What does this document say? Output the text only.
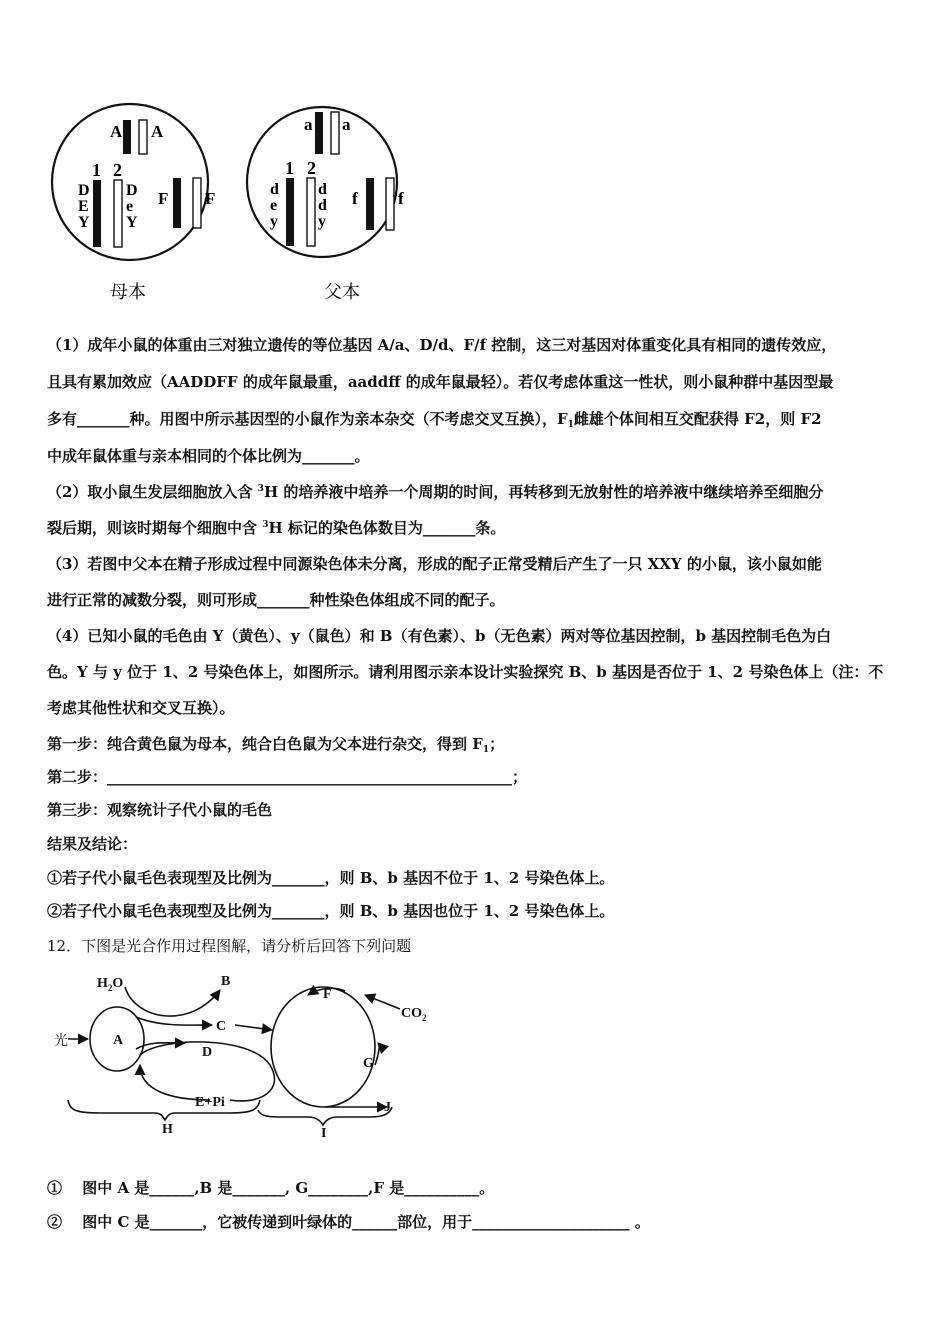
A A
1 2
D
E
Y
D
e
Y
F F
母本
a a
1 2
d
e
y
d
d
y
f f
父本
（1）成年小鼠的体重由三对独立遗传的等位基因 A/a、D/d、F/f 控制，这三对基因对体重变化具有相同的遗传效应，
且具有累加效应（AADDFF 的成年鼠最重，aaddff 的成年鼠最轻）。若仅考虑体重这一性状，则小鼠种群中基因型最
多有_______种。用图中所示基因型的小鼠作为亲本杂交（不考虑交叉互换），$F_1$雌雄个体间相互交配获得 F2，则 F2
中成年鼠体重与亲本相同的个体比例为_______。
（2）取小鼠生发层细胞放入含 $^3$H 的培养液中培养一个周期的时间，再转移到无放射性的培养液中继续培养至细胞分
裂后期，则该时期每个细胞中含 $^3$H 标记的染色体数目为_______条。
（3）若图中父本在精子形成过程中同源染色体未分离，形成的配子正常受精后产生了一只 XXY 的小鼠，该小鼠如能
进行正常的减数分裂，则可形成_______种性染色体组成不同的配子。
（4）已知小鼠的毛色由 Y（黄色）、y（鼠色）和 B（有色素）、b（无色素）两对等位基因控制，b 基因控制毛色为白
色。Y 与 y 位于 1、2 号染色体上，如图所示。请利用图示亲本设计实验探究 B、b 基因是否位于 1、2 号染色体上（注：不
考虑其他性状和交叉互换）。
第一步：纯合黄色鼠为母本，纯合白色鼠为父本进行杂交，得到 $F_1$；
第二步：______________________________________________________；
第三步：观察统计子代小鼠的毛色
结果及结论：
①若子代小鼠毛色表现型及比例为_______，则 B、b 基因不位于 1、2 号染色体上。
②若子代小鼠毛色表现型及比例为_______，则 B、b 基因也位于 1、2 号染色体上。
12．下图是光合作用过程图解，请分析后回答下列问题
$H_2O$	B
C
D
A
光
F
$CO_2$
G
E+Pi	J
H	I
①　 图中 A 是______,B 是_______, G________,F 是__________。
②　 图中 C 是_______，它被传递到叶绿体的______部位，用于_____________________ 。
